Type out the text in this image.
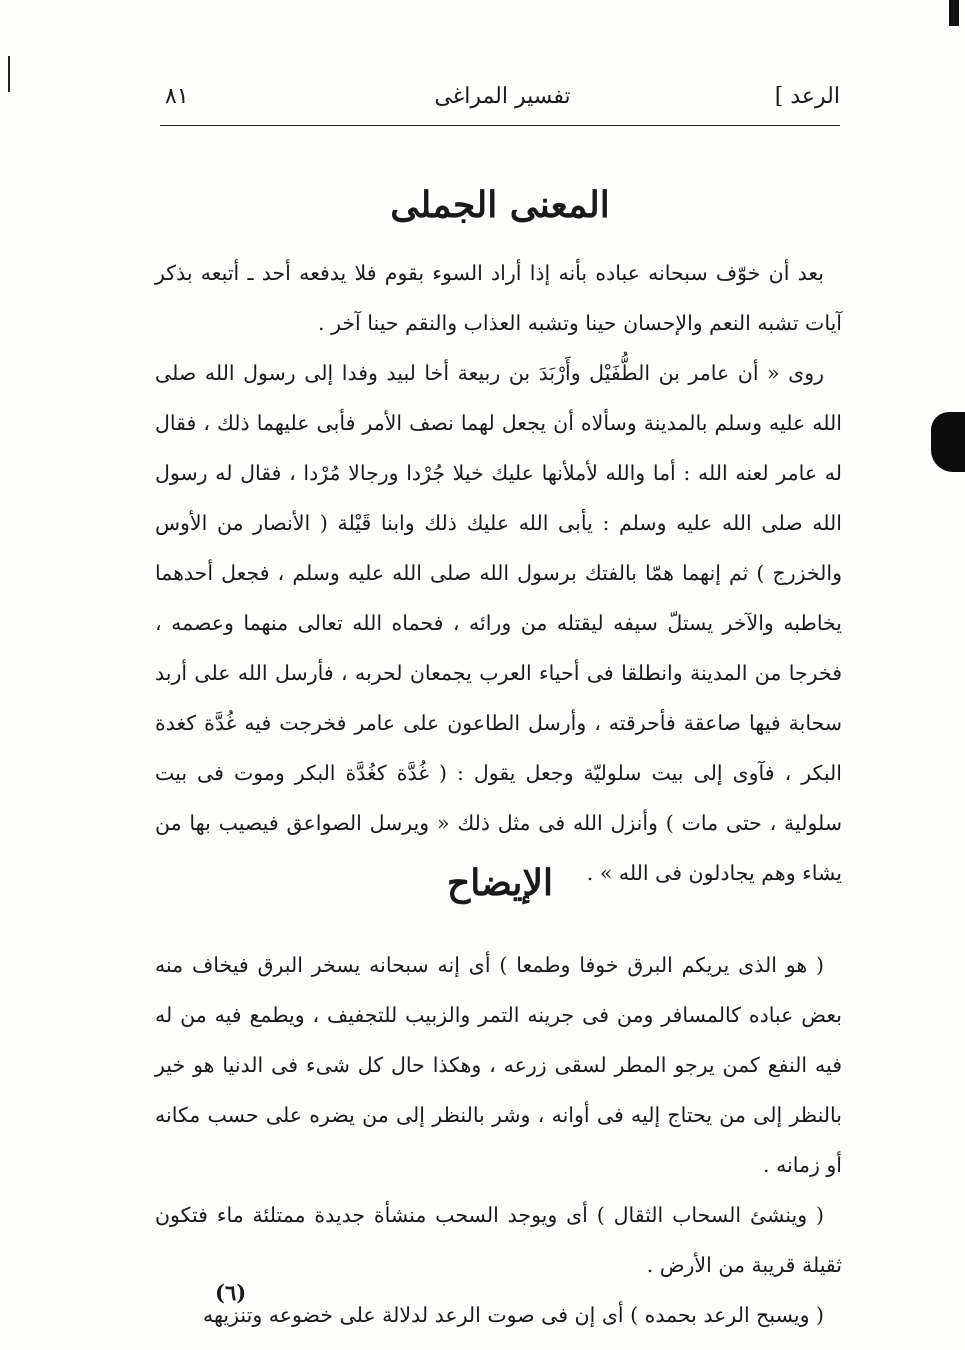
الرعد ]
تفسير المراغى
٨١
المعنى الجملى

بعد أن خوّف سبحانه عباده بأنه إذا أراد السوء بقوم فلا يدفعه أحد ـ أتبعه بذكر آيات تشبه النعم والإحسان حينا وتشبه العذاب والنقم حينا آخر .

روى « أن عامر بن الطُّفَيْل وأَرْبَدَ بن ربيعة أخا لبيد وفدا إلى رسول الله صلى الله عليه وسلم بالمدينة وسألاه أن يجعل لهما نصف الأمر فأبى عليهما ذلك ، فقال له عامر لعنه الله : أما والله لأملأنها عليك خيلا جُرْدا ورجالا مُرْدا ، فقال له رسول الله صلى الله عليه وسلم : يأبى الله عليك ذلك وابنا قَيْلة ( الأنصار من الأوس والخزرج ) ثم إنهما همّا بالفتك برسول الله صلى الله عليه وسلم ، فجعل أحدهما يخاطبه والآخر يستلّ سيفه ليقتله من ورائه ، فحماه الله تعالى منهما وعصمه ، فخرجا من المدينة وانطلقا فى أحياء العرب يجمعان لحربه ، فأرسل الله على أربد سحابة فيها صاعقة فأحرقته ، وأرسل الطاعون على عامر فخرجت فيه غُدَّة كغدة البكر ، فآوى إلى بيت سلوليّة وجعل يقول : ( غُدَّة كغُدَّة البكر وموت فى بيت سلولية ، حتى مات ) وأنزل الله فى مثل ذلك « ويرسل الصواعق فيصيب بها من يشاء وهم يجادلون فى الله » .

الإيضاح

( هو الذى يريكم البرق خوفا وطمعا ) أى إنه سبحانه يسخر البرق فيخاف منه بعض عباده كالمسافر ومن فى جرينه التمر والزبيب للتجفيف ، ويطمع فيه من له فيه النفع كمن يرجو المطر لسقى زرعه ، وهكذا حال كل شىء فى الدنيا هو خير بالنظر إلى من يحتاج إليه فى أوانه ، وشر بالنظر إلى من يضره على حسب مكانه أو زمانه .

( وينشئ السحاب الثقال ) أى ويوجد السحب منشأة جديدة ممتلئة ماء فتكون ثقيلة قريبة من الأرض .

( ويسبح الرعد بحمده ) أى إن فى صوت الرعد لدلالة على خضوعه وتنزيهه

(٦)
